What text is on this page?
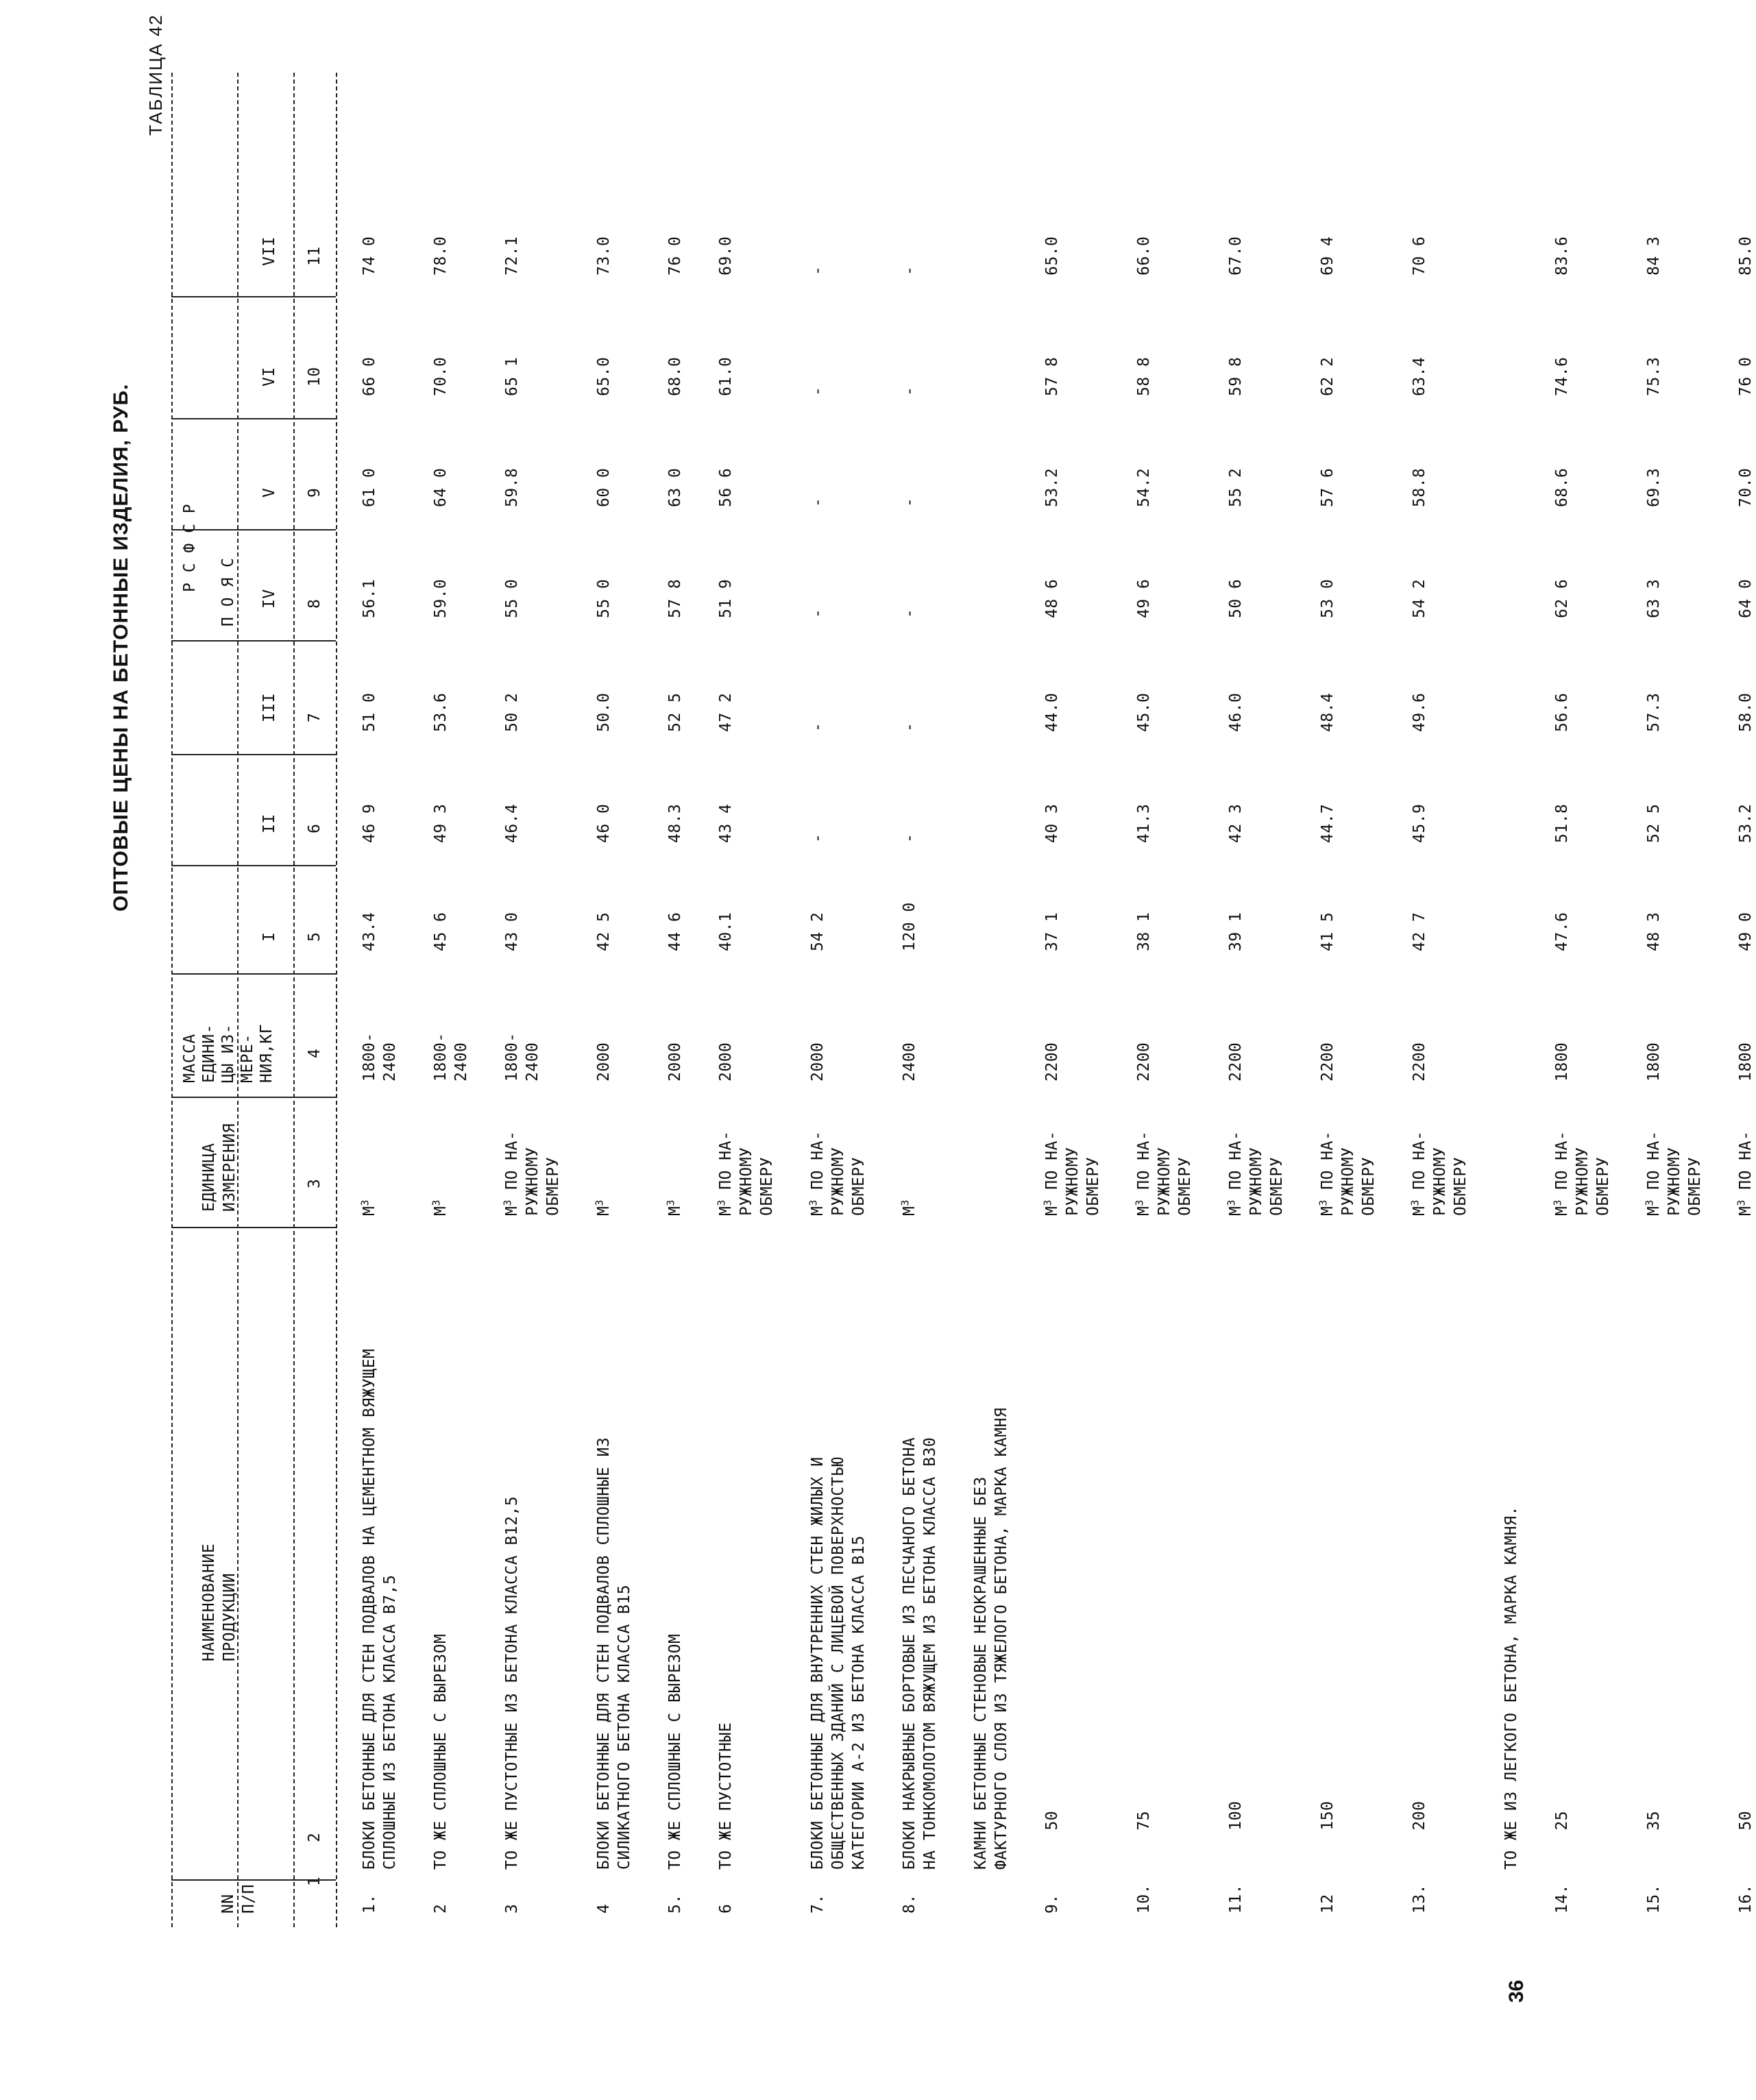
36
ОПТОВЫЕ ЦЕНЫ НА БЕТОННЫЕ ИЗДЕЛИЯ, РУБ.
ТАБЛИЦА 42
NN П/П
НАИМЕНОВАНИЕ ПРОДУКЦИИ
ЕДИНИЦА ИЗМЕРЕНИЯ
МАССА ЕДИНИ- ЦЫ ИЗ- МЕРЕ- НИЯ,КГ
Р С Ф С Р П О Я С
I
II
III
IV
V
VI
VII
1
2
3
4
5
6
7
8
9
10
11
1.
БЛОКИ БЕТОННЫЕ ДЛЯ СТЕН ПОДВАЛОВ НА ЦЕМЕНТНОМ ВЯЖУЩЕМ СПЛОШНЫЕ ИЗ БЕТОНА КЛАССА В7,5
$М^3$
1800- 2400
43.4
46 9
51 0
56.1
61 0
66 0
74 0
2
ТО ЖЕ СПЛОШНЫЕ С ВЫРЕЗОМ
$М^3$
1800- 2400
45 6
49 3
53.6
59.0
64 0
70.0
78.0
3
ТО ЖЕ ПУСТОТНЫЕ ИЗ БЕТОНА КЛАССА В12,5
$М^3$ ПО НА- РУЖНОМУ ОБМЕРУ
1800- 2400
43 0
46.4
50 2
55 0
59.8
65 1
72.1
4
БЛОКИ БЕТОННЫЕ ДЛЯ СТЕН ПОДВАЛОВ СПЛОШНЫЕ ИЗ СИЛИКАТНОГО БЕТОНА КЛАССА В15
$М^3$
2000
42 5
46 0
50.0
55 0
60 0
65.0
73.0
5.
ТО ЖЕ СПЛОШНЫЕ С ВЫРЕЗОМ
$М^3$
2000
44 6
48.3
52 5
57 8
63 0
68.0
76 0
6
ТО ЖЕ ПУСТОТНЫЕ
$М^3$ ПО НА- РУЖНОМУ ОБМЕРУ
2000
40.1
43 4
47 2
51 9
56 6
61.0
69.0
7.
БЛОКИ БЕТОННЫЕ ДЛЯ ВНУТРЕННИХ СТЕН ЖИЛЫХ И ОБЩЕСТВЕННЫХ ЗДАНИЙ С ЛИЦЕВОЙ ПОВЕРХНОСТЬЮ КАТЕГОРИИ А-2 ИЗ БЕТОНА КЛАССА В15
$М^3$ ПО НА- РУЖНОМУ ОБМЕРУ
2000
54 2
-
-
-
-
-
-
8.
БЛОКИ НАКРЫВНЫЕ БОРТОВЫЕ ИЗ ПЕСЧАНОГО БЕТОНА НА ТОНКОМОЛОТОМ ВЯЖУЩЕМ ИЗ БЕТОНА КЛАССА В30
$М^3$
2400
120 0
-
-
-
-
-
-
КАМНИ БЕТОННЫЕ СТЕНОВЫЕ НЕОКРАШЕННЫЕ БЕЗ ФАКТУРНОГО СЛОЯ ИЗ ТЯЖЕЛОГО БЕТОНА, МАРКА КАМНЯ
9.
50
$М^3$ ПО НА- РУЖНОМУ ОБМЕРУ
2200
37 1
40 3
44.0
48 6
53.2
57 8
65.0
10.
75
$М^3$ ПО НА- РУЖНОМУ ОБМЕРУ
2200
38 1
41.3
45.0
49 6
54.2
58 8
66.0
11.
100
$М^3$ ПО НА- РУЖНОМУ ОБМЕРУ
2200
39 1
42 3
46.0
50 6
55 2
59 8
67.0
12
150
$М^3$ ПО НА- РУЖНОМУ ОБМЕРУ
2200
41 5
44.7
48.4
53 0
57 6
62 2
69 4
13.
200
$М^3$ ПО НА- РУЖНОМУ ОБМЕРУ
2200
42 7
45.9
49.6
54 2
58.8
63.4
70 6
ТО ЖЕ ИЗ ЛЕГКОГО БЕТОНА, МАРКА КАМНЯ.
14.
25
$М^3$ ПО НА- РУЖНОМУ ОБМЕРУ
1800
47.6
51.8
56.6
62 6
68.6
74.6
83.6
15.
35
$М^3$ ПО НА- РУЖНОМУ ОБМЕРУ
1800
48 3
52 5
57.3
63 3
69.3
75.3
84 3
16.
50
$М^3$ ПО НА-
1800
49 0
53.2
58.0
64 0
70.0
76 0
85.0
